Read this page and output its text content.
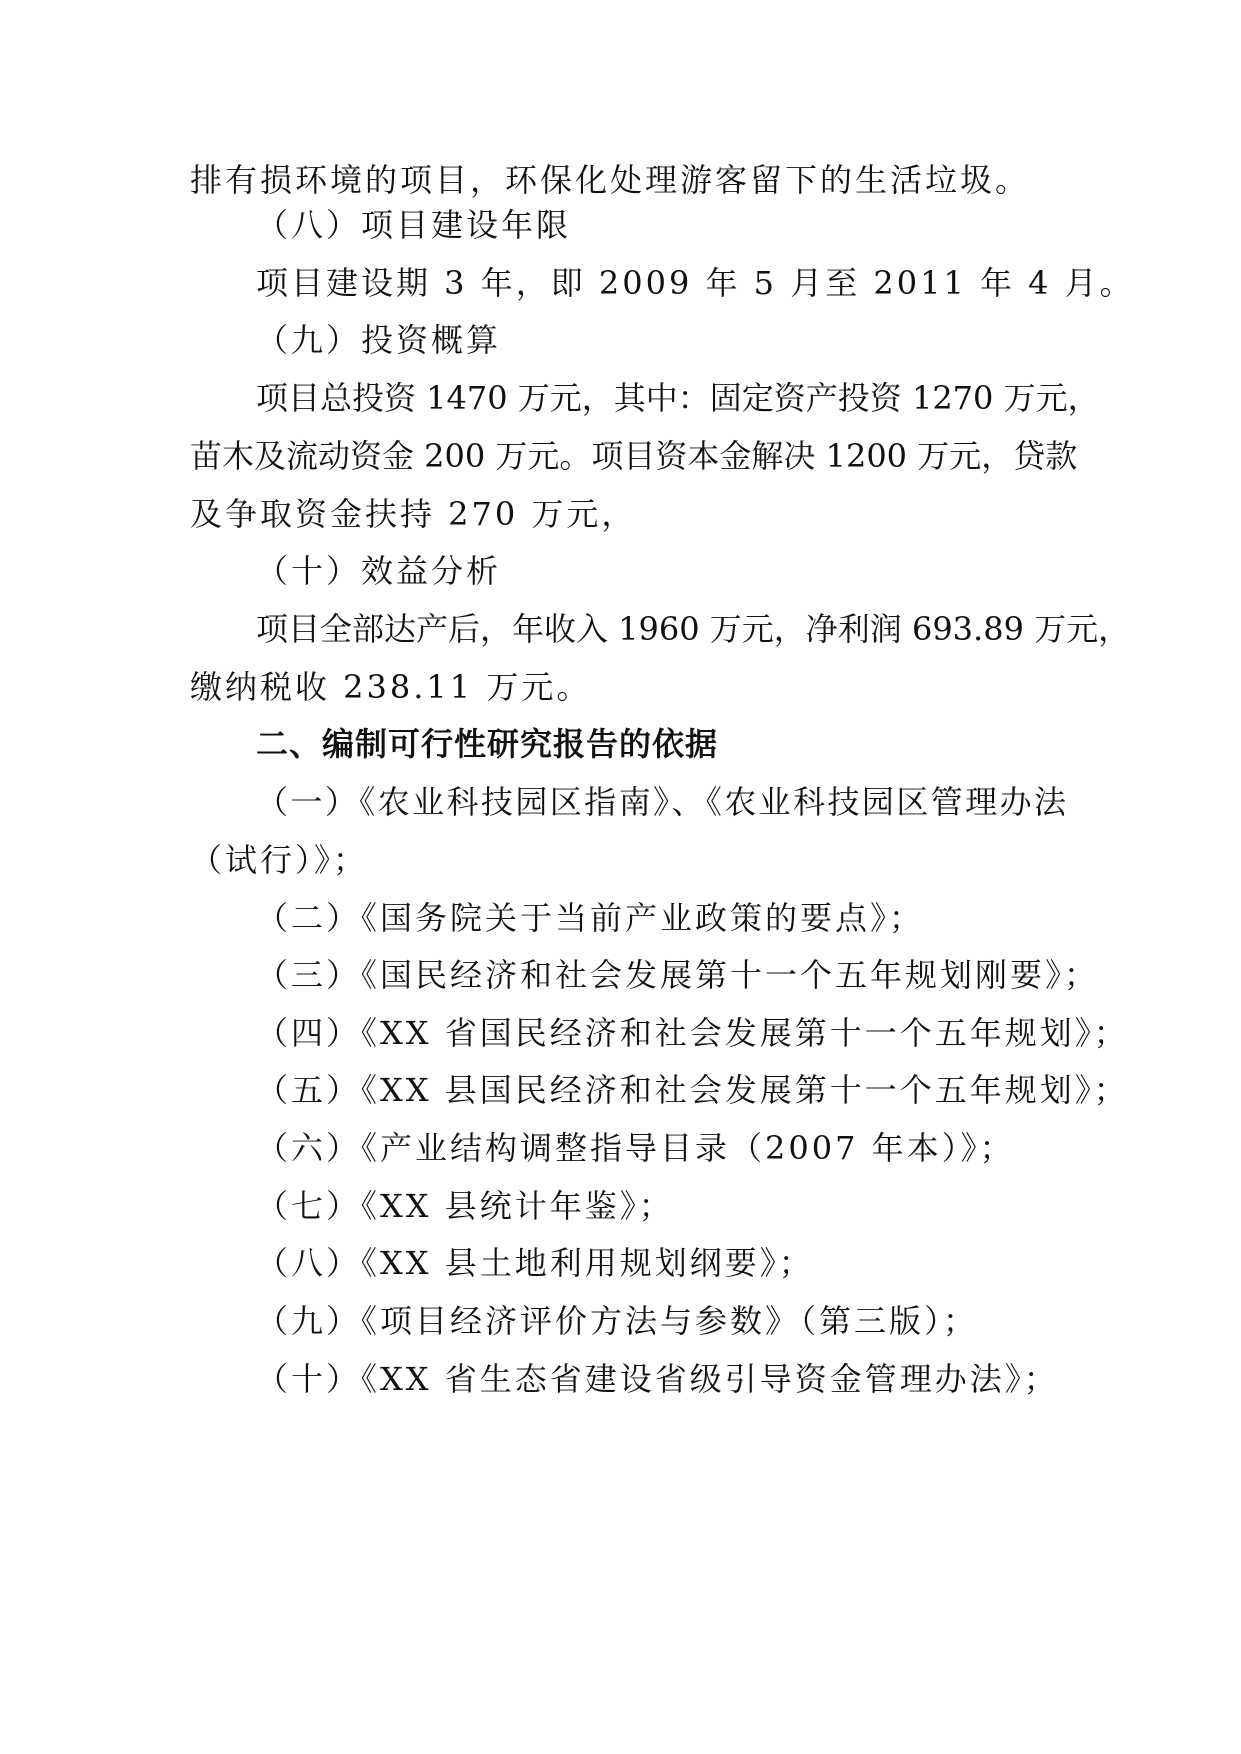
排有损环境的项目，环保化处理游客留下的生活垃圾。
（八）项目建设年限
项目建设期 3 年，即 2009 年 5 月至 2011 年 4 月。
（九）投资概算
项目总投资 1470 万元，其中：固定资产投资 1270 万元，
苗木及流动资金 200 万元。项目资本金解决 1200 万元，贷款
及争取资金扶持 270 万元，
（十）效益分析
项目全部达产后，年收入 1960 万元，净利润 693.89 万元，
缴纳税收 238.11 万元。
二、编制可行性研究报告的依据
（一）《农业科技园区指南》、《农业科技园区管理办法
（试行）》；
（二）《国务院关于当前产业政策的要点》；
（三）《国民经济和社会发展第十一个五年规划刚要》；
（四）《XX 省国民经济和社会发展第十一个五年规划》；
（五）《XX 县国民经济和社会发展第十一个五年规划》；
（六）《产业结构调整指导目录（2007 年本）》；
（七）《XX 县统计年鉴》；
（八）《XX 县土地利用规划纲要》；
（九）《项目经济评价方法与参数》（第三版）；
（十）《XX 省生态省建设省级引导资金管理办法》；
